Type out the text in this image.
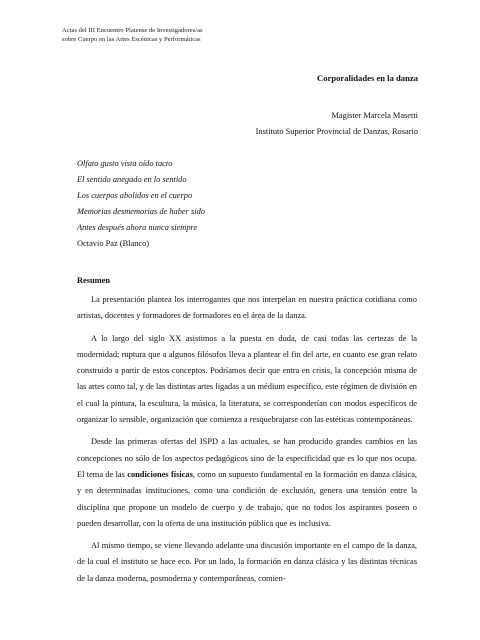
Actas del III Encuentro Platense de Investigadores/as
sobre Cuerpo en las Artes Escénicas y Performáticas
Corporalidades en la danza
Magister Marcela Masetti
Instituto Superior Provincial de Danzas, Rosario
Olfato gusto vista oído tacto
El sentido anegado en lo sentido
Los cuerpos abolidos en el cuerpo
Memorias desmemorias de haber sido
Antes después ahora nunca siempre
Octavio Paz (Blanco)
Resumen

La presentación plantea los interrogantes que nos interpelan en nuestra práctica cotidiana como artistas, docentes y formadores de formadores en el área de la danza.

A lo largo del siglo XX asistimos a la puesta en duda, de casi todas las certezas de la modernidad; ruptura que a algunos filósofos lleva a plantear el fin del arte, en cuanto ese gran relato construido a partir de estos conceptos. Podríamos decir que entra en crisis, la concepción misma de las artes como tal, y de las distintas artes ligadas a un médium específico, este régimen de división en el cual la pintura, la escultura, la música, la literatura, se corresponderían con modos específicos de organizar lo sensible, organización que comienza a resquebrajarse con las estéticas contemporáneas.

Desde las primeras ofertas del ISPD a las actuales, se han producido grandes cambios en las concepciones no sólo de los aspectos pedagógicos sino de la especificidad que es lo que nos ocupa. El tema de las condiciones físicas, como un supuesto fundamental en la formación en danza clásica, y en determinadas instituciones, como una condición de exclusión, genera una tensión entre la disciplina que propone un modelo de cuerpo y de trabajo, que no todos los aspirantes poseen o pueden desarrollar, con la oferta de una institución pública que es inclusiva.

Al mismo tiempo, se viene llevando adelante una discusión importante en el campo de la danza, de la cual el instituto se hace eco. Por un lado, la formación en danza clásica y las distintas técnicas de la danza moderna, posmoderna y contemporáneas, comien-
